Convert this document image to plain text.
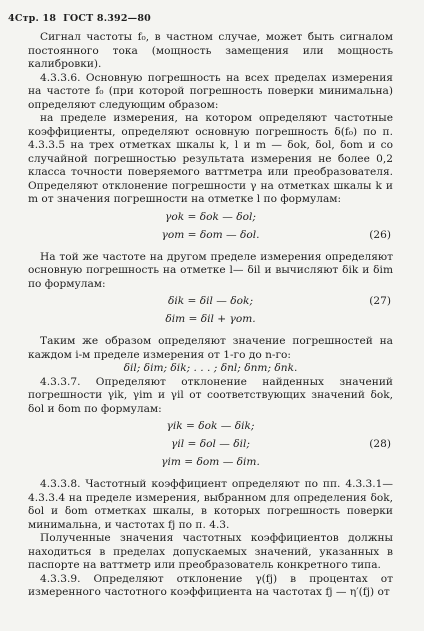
4Стр. 18 ГОСТ 8.392—80

Сигнал частоты f₀, в частном случае, может быть сигналом постоянного тока (мощность замещения или мощность калибровки).

4.3.3.6. Основную погрешность на всех пределах измерения на частоте f₀ (при которой погрешность поверки минимальна) определяют следующим образом:

на пределе измерения, на котором определяют частотные коэффициенты, определяют основную погрешность δ(f₀) по п. 4.3.3.5 на трех отметках шкалы k, l и m — δok, δol, δom и со случайной погрешностью результата измерения не более 0,2 класса точности поверяемого ваттметра или преобразователя. Определяют отклонение погрешности γ на отметках шкалы k и m от значения погрешности на отметке l по формулам:

γok = δok — δol;
γom = δom — δol.	(26)

На той же частоте на другом пределе измерения определяют основную погрешность на отметке l— δil и вычисляют δik и δim по формулам:

δik = δil — δok;	(27)
δim = δil + γom.

Таким же образом определяют значение погрешностей на каждом i-м пределе измерения от 1-го до n-го:

δil; δim; δik; . . . ; δnl; δnm; δnk.

4.3.3.7. Определяют отклонение найденных значений погрешности γik, γim и γil от соответствующих значений δok, δol и δom по формулам:

γik = δok — δik;
γil = δol — δil;	(28)
γim = δom — δim.

4.3.3.8. Частотный коэффициент определяют по пп. 4.3.3.1—4.3.3.4 на пределе измерения, выбранном для определения δok, δol и δom отметках шкалы, в которых погрешность поверки минимальна, и частотах fj по п. 4.3.

Полученные значения частотных коэффициентов должны находиться в пределах допускаемых значений, указанных в паспорте на ваттметр или преобразователь конкретного типа.

4.3.3.9. Определяют отклонение γ(fj) в процентах от измеренного частотного коэффициента на частотах fj — η′(fj) от
